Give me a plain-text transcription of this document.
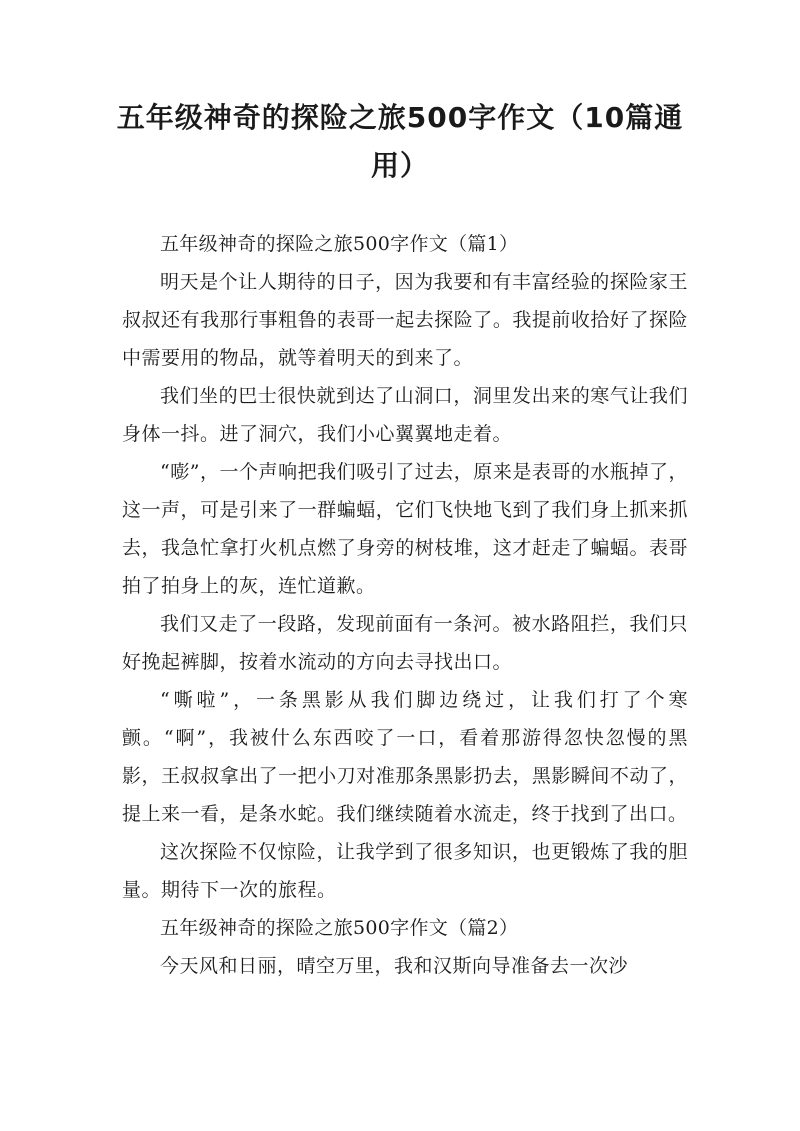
五年级神奇的探险之旅500字作文（10篇通用）

五年级神奇的探险之旅500字作文（篇1）

明天是个让人期待的日子，因为我要和有丰富经验的探险家王叔叔还有我那行事粗鲁的表哥一起去探险了。我提前收拾好了探险中需要用的物品，就等着明天的到来了。

我们坐的巴士很快就到达了山洞口，洞里发出来的寒气让我们身体一抖。进了洞穴，我们小心翼翼地走着。

“嘭”，一个声响把我们吸引了过去，原来是表哥的水瓶掉了，这一声，可是引来了一群蝙蝠，它们飞快地飞到了我们身上抓来抓去，我急忙拿打火机点燃了身旁的树枝堆，这才赶走了蝙蝠。表哥拍了拍身上的灰，连忙道歉。

我们又走了一段路，发现前面有一条河。被水路阻拦，我们只好挽起裤脚，按着水流动的方向去寻找出口。

“嘶啦”，一条黑影从我们脚边绕过，让我们打了个寒颤。“啊”，我被什么东西咬了一口，看着那游得忽快忽慢的黑影，王叔叔拿出了一把小刀对准那条黑影扔去，黑影瞬间不动了，提上来一看，是条水蛇。我们继续随着水流走，终于找到了出口。

这次探险不仅惊险，让我学到了很多知识，也更锻炼了我的胆量。期待下一次的旅程。

五年级神奇的探险之旅500字作文（篇2）

今天风和日丽，晴空万里，我和汉斯向导准备去一次沙
